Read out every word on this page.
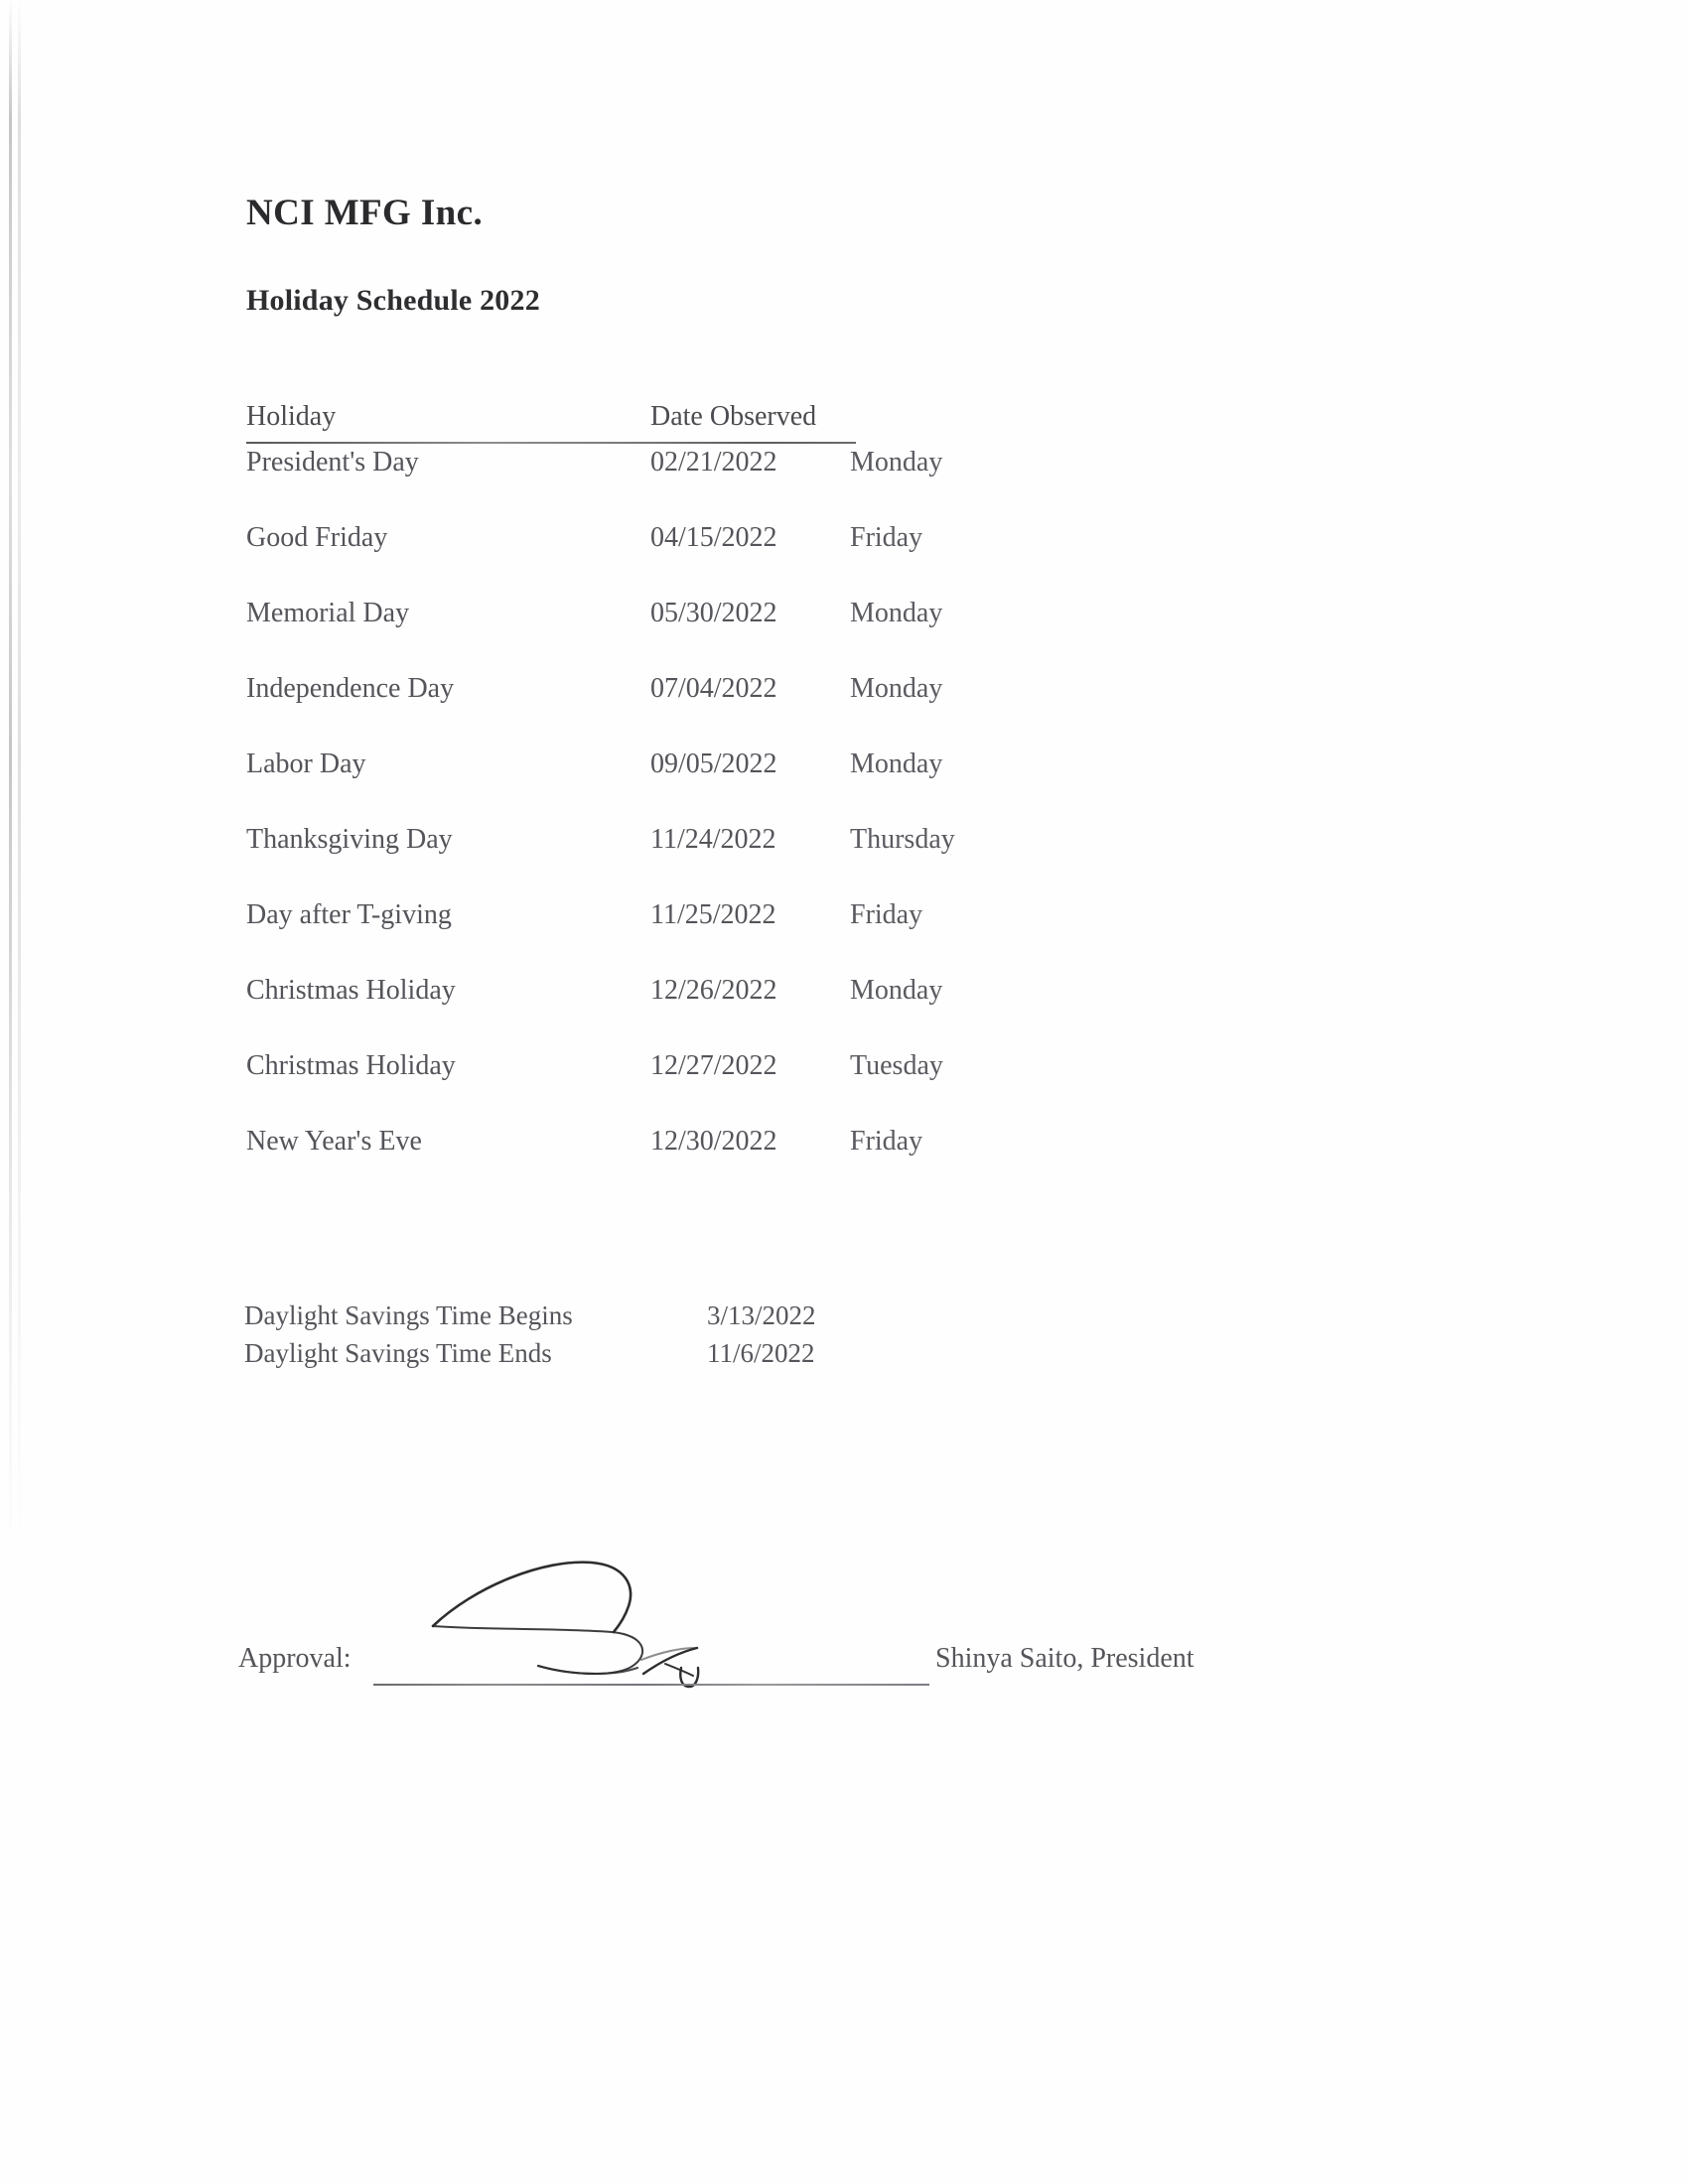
NCI MFG Inc.
Holiday Schedule 2022
Holiday	Date Observed
President's Day	02/21/2022	Monday
Good Friday	04/15/2022	Friday
Memorial Day	05/30/2022	Monday
Independence Day	07/04/2022	Monday
Labor Day	09/05/2022	Monday
Thanksgiving Day	11/24/2022	Thursday
Day after T-giving	11/25/2022	Friday
Christmas Holiday	12/26/2022	Monday
Christmas Holiday	12/27/2022	Tuesday
New Year's Eve	12/30/2022	Friday
Daylight Savings Time Begins	3/13/2022
Daylight Savings Time Ends	11/6/2022
Approval:	Shinya Saito, President
